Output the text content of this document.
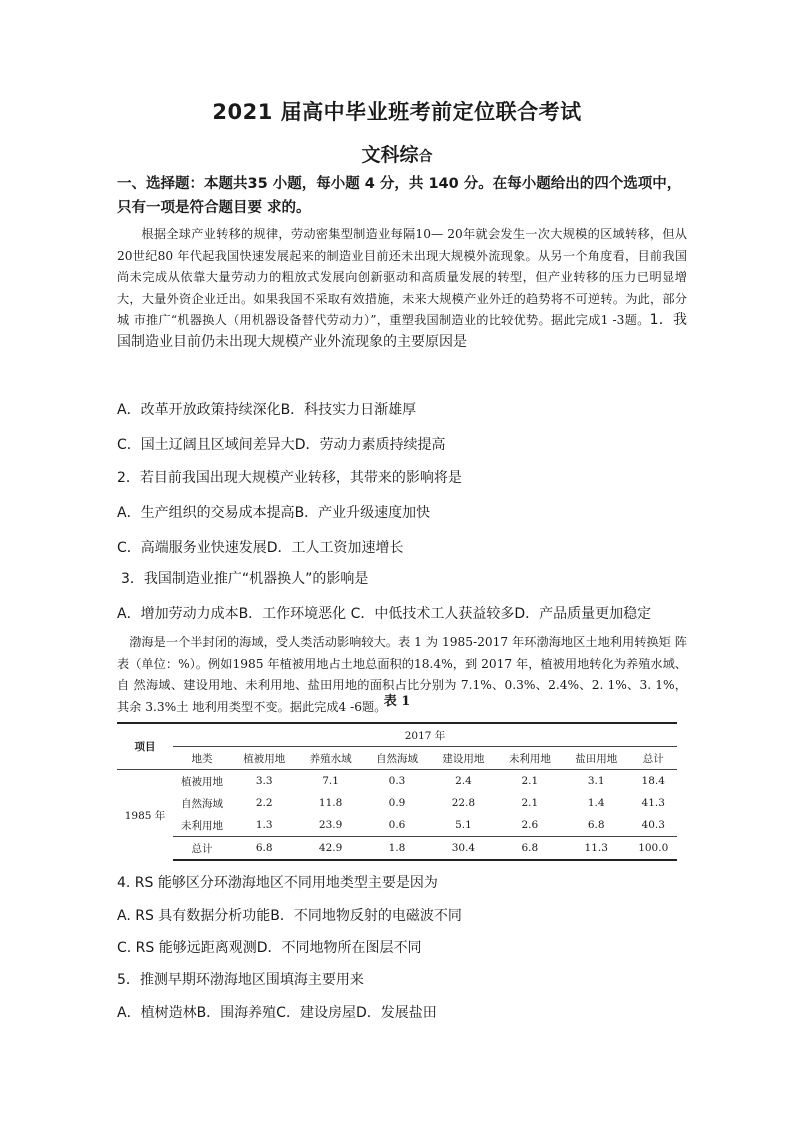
2021 届高中毕业班考前定位联合考试
文科综合
一、选择题：本题共35 小题，每小题 4 分，共 140 分。在每小题给出的四个选项中，只有一项是符合题目要 求的。
根据全球产业转移的规律，劳动密集型制造业每隔10— 20年就会发生一次大规模的区域转移，但从 20世纪80 年代起我国快速发展起来的制造业目前还未出现大规模外流现象。从另一个角度看，目前我国 尚未完成从依靠大量劳动力的粗放式发展向创新驱动和高质量发展的转型，但产业转移的压力已明显增 大，大量外资企业迁出。如果我国不采取有效措施，未来大规模产业外迁的趋势将不可逆转。为此，部分城 市推广“机器换人（用机器设备替代劳动力）”，重塑我国制造业的比较优势。据此完成1 -3题。1．我国制造业目前仍未出现大规模产业外流现象的主要原因是
A．改革开放政策持续深化B．科技实力日渐雄厚
C．国土辽阔且区域间差异大D．劳动力素质持续提高
2．若目前我国出现大规模产业转移，其带来的影响将是
A．生产组织的交易成本提高B．产业升级速度加快
C．高端服务业快速发展D．工人工资加速增长
3．我国制造业推广“机器换人”的影响是
A．增加劳动力成本B．工作环境恶化 C．中低技术工人获益较多D．产品质量更加稳定
渤海是一个半封闭的海域，受人类活动影响较大。表 1 为 1985-2017 年环渤海地区土地利用转换矩 阵表（单位：%）。例如1985 年植被用地占土地总面积的18.4%，到 2017 年，植被用地转化为养殖水域、自 然海域、建设用地、未利用地、盐田用地的面积占比分别为 7.1%、0.3%、2.4%、2. 1%、3. 1%，其余 3.3%土 地利用类型不变。据此完成4 -6题。
表 1
项目	2017 年							
	地类	植被用地	养殖水域	自然海域	建设用地	未利用地	盐田用地	总计
1985 年	植被用地	3.3	7.1	0.3	2.4	2.1	3.1	18.4
	自然海域	2.2	11.8	0.9	22.8	2.1	1.4	41.3
	未利用地	1.3	23.9	0.6	5.1	2.6	6.8	40.3
	总计	6.8	42.9	1.8	30.4	6.8	11.3	100.0
4. RS 能够区分环渤海地区不同用地类型主要是因为
A. RS 具有数据分析功能B．不同地物反射的电磁波不同
C. RS 能够远距离观测D．不同地物所在图层不同
5．推测早期环渤海地区围填海主要用来
A．植树造林B．围海养殖C．建设房屋D．发展盐田
